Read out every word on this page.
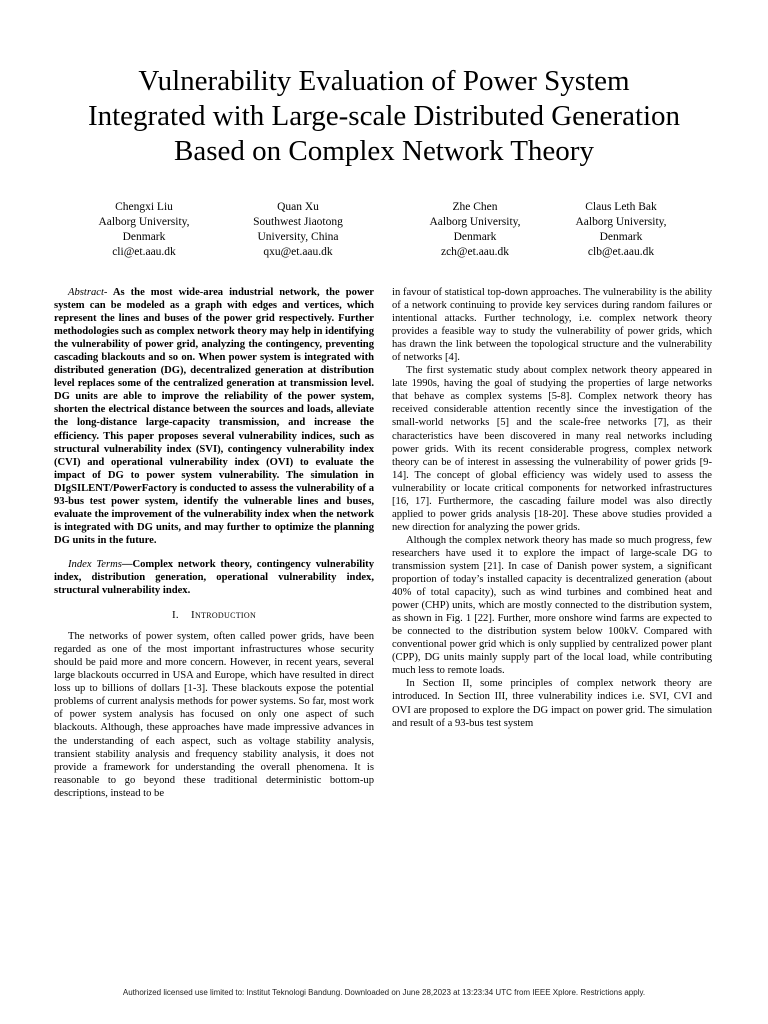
Vulnerability Evaluation of Power System
Integrated with Large-scale Distributed Generation
Based on Complex Network Theory
Chengxi Liu
Aalborg University,
Denmark
cli@et.aau.dk
Quan Xu
Southwest Jiaotong
University, China
qxu@et.aau.dk
Zhe Chen
Aalborg University,
Denmark
zch@et.aau.dk
Claus Leth Bak
Aalborg University,
Denmark
clb@et.aau.dk

Abstract- As the most wide-area industrial network, the power system can be modeled as a graph with edges and vertices, which represent the lines and buses of the power grid respectively. Further methodologies such as complex network theory may help in identifying the vulnerability of power grid, analyzing the contingency, preventing cascading blackouts and so on. When power system is integrated with distributed generation (DG), decentralized generation at distribution level replaces some of the centralized generation at transmission level. DG units are able to improve the reliability of the power system, shorten the electrical distance between the sources and loads, alleviate the long-distance large-capacity transmission, and increase the efficiency. This paper proposes several vulnerability indices, such as structural vulnerability index (SVI), contingency vulnerability index (CVI) and operational vulnerability index (OVI) to evaluate the impact of DG to power system vulnerability. The simulation in DIgSILENT/PowerFactory is conducted to assess the vulnerability of a 93-bus test power system, identify the vulnerable lines and buses, evaluate the improvement of the vulnerability index when the network is integrated with DG units, and may further to optimize the planning DG units in the future.

Index Terms—Complex network theory, contingency vulnerability index, distribution generation, operational vulnerability index, structural vulnerability index.

I. Introduction

The networks of power system, often called power grids, have been regarded as one of the most important infrastructures whose security should be paid more and more concern. However, in recent years, several large blackouts occurred in USA and Europe, which have resulted in direct loss up to billions of dollars [1-3]. These blackouts expose the potential problems of current analysis methods for power systems. So far, most work of power system analysis has focused on only one aspect of such blackouts. Although, these approaches have made impressive advances in the understanding of each aspect, such as voltage stability analysis, transient stability analysis and frequency stability analysis, it does not provide a framework for understanding the overall phenomena. It is reasonable to go beyond these traditional deterministic bottom-up descriptions, instead to be

in favour of statistical top-down approaches. The vulnerability is the ability of a network continuing to provide key services during random failures or intentional attacks. Further technology, i.e. complex network theory provides a feasible way to study the vulnerability of power grids, which has drawn the link between the topological structure and the vulnerability of networks [4].

The first systematic study about complex network theory appeared in late 1990s, having the goal of studying the properties of large networks that behave as complex systems [5-8]. Complex network theory has received considerable attention recently since the investigation of the small-world networks [5] and the scale-free networks [7], as their characteristics have been discovered in many real networks including power grids. With its recent considerable progress, complex network theory can be of interest in assessing the vulnerability of power grids [9-14]. The concept of global efficiency was widely used to assess the vulnerability or locate critical components for networked infrastructures [16, 17]. Furthermore, the cascading failure model was also directly applied to power grids analysis [18-20]. These above studies provided a new direction for analyzing the power grids.

Although the complex network theory has made so much progress, few researchers have used it to explore the impact of large-scale DG to transmission system [21]. In case of Danish power system, a significant proportion of today’s installed capacity is decentralized generation (about 40% of total capacity), such as wind turbines and combined heat and power (CHP) units, which are mostly connected to the distribution system, as shown in Fig. 1 [22]. Further, more onshore wind farms are expected to be connected to the distribution system below 100kV. Compared with conventional power grid which is only supplied by centralized power plant (CPP), DG units mainly supply part of the local load, while contributing much less to remote loads.

In Section II, some principles of complex network theory are introduced. In Section III, three vulnerability indices i.e. SVI, CVI and OVI are proposed to explore the DG impact on power grid. The simulation and result of a 93-bus test system

Authorized licensed use limited to: Institut Teknologi Bandung. Downloaded on June 28,2023 at 13:23:34 UTC from IEEE Xplore. Restrictions apply.
